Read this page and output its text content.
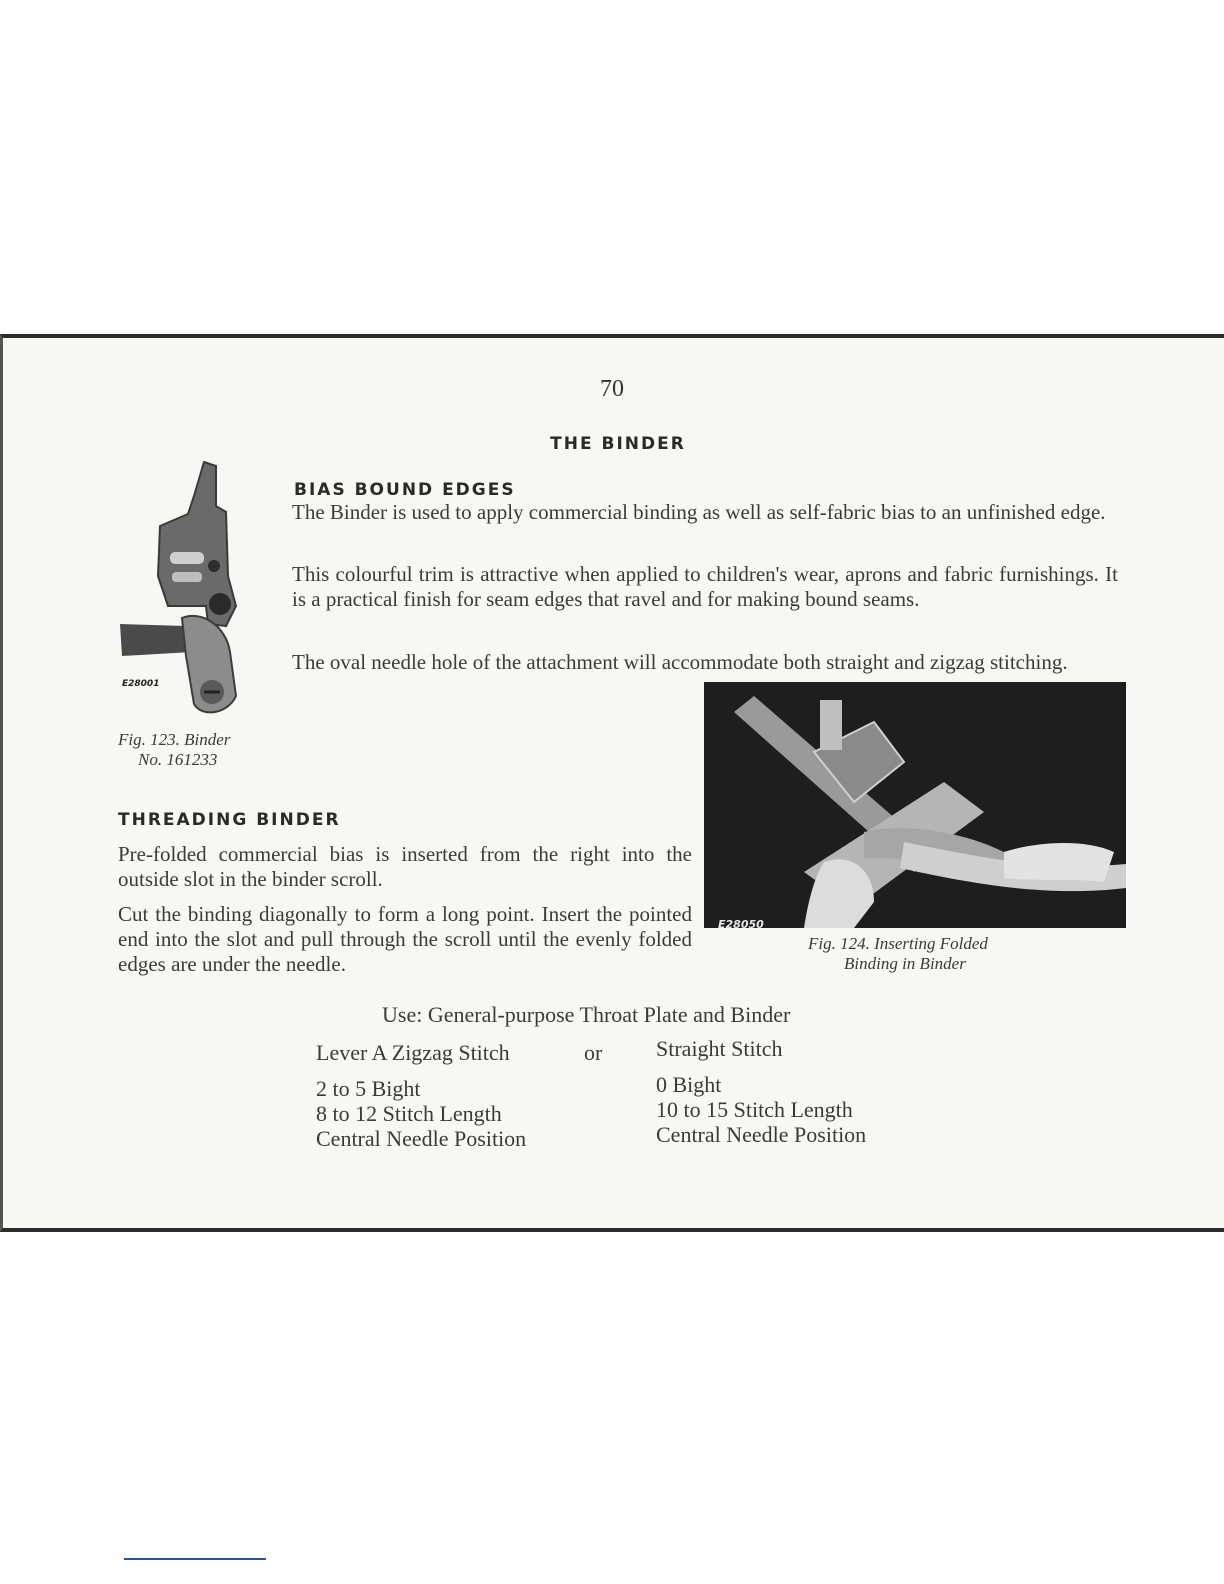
70
THE BINDER
BIAS BOUND EDGES
The Binder is used to apply commercial binding as well as self-fabric bias to an unfinished edge.
This colourful trim is attractive when applied to children's wear, aprons and fabric furnishings. It is a practical finish for seam edges that ravel and for making bound seams.
The oval needle hole of the attachment will accommodate both straight and zigzag stitching.
E28001
Fig. 123. Binder
No. 161233
THREADING BINDER
Pre-folded commercial bias is inserted from the right into the outside slot in the binder scroll.
Cut the binding diagonally to form a long point. Insert the pointed end into the slot and pull through the scroll until the evenly folded edges are under the needle.
E28050
Fig. 124. Inserting Folded
Binding in Binder
Use: General-purpose Throat Plate and Binder
Lever A Zigzag Stitch	or Straight Stitch
2 to 5 Bight
8 to 12 Stitch Length
Central Needle Position
0 Bight
10 to 15 Stitch Length
Central Needle Position
